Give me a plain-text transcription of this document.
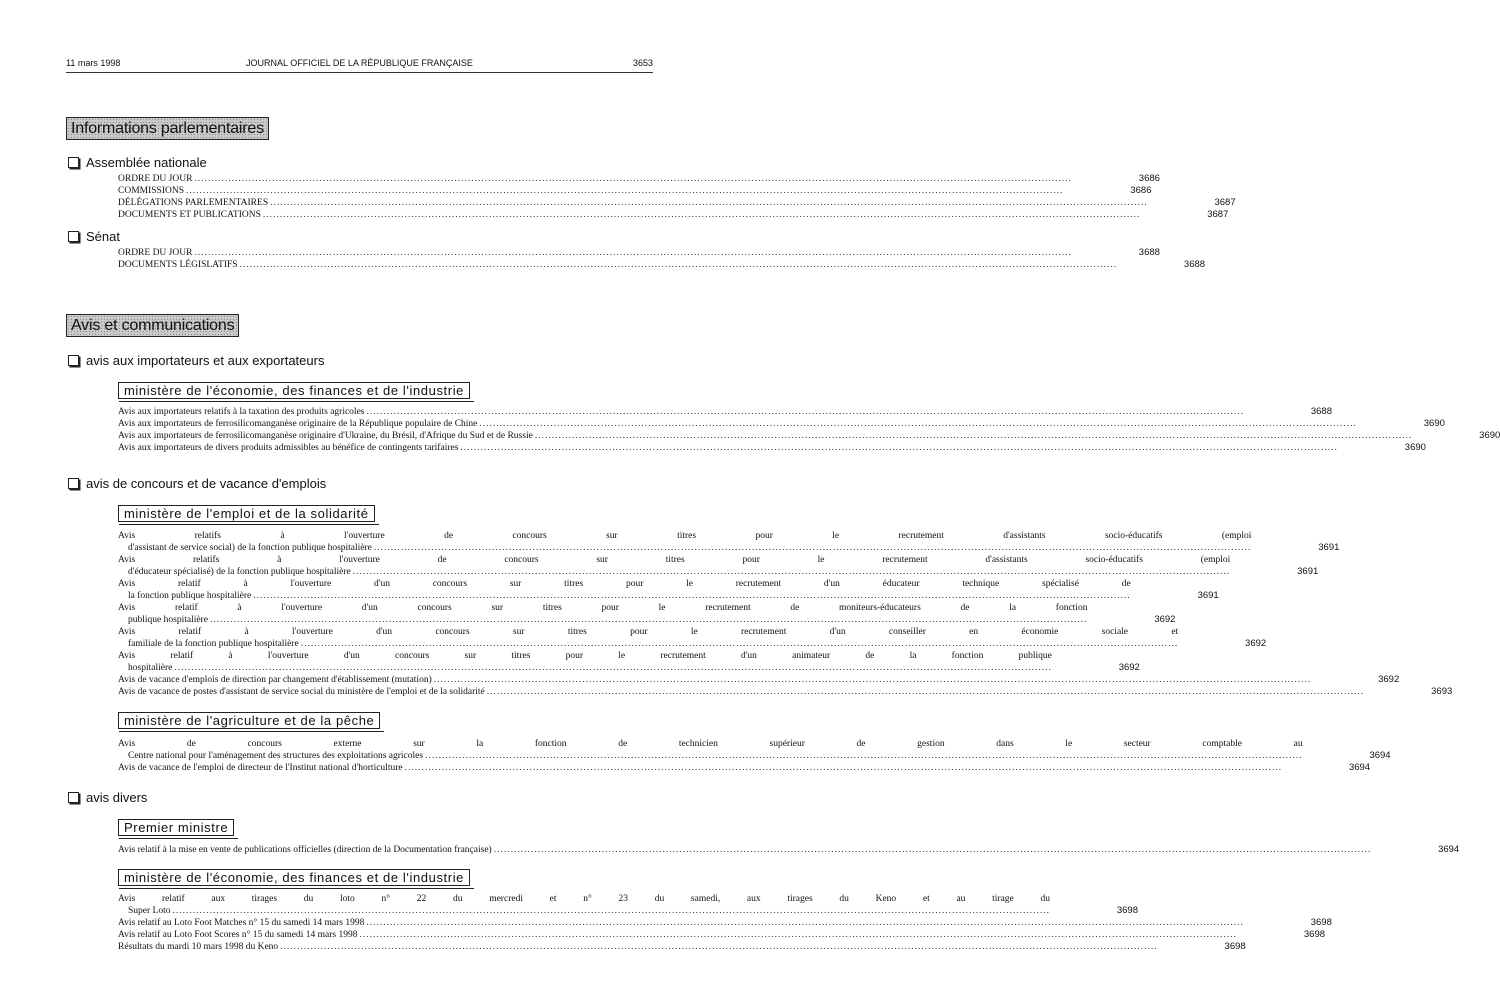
11 mars 1998	JOURNAL OFFICIEL DE LA RÉPUBLIQUE FRANÇAISE	3653
Informations parlementaires
Assemblée nationale
ORDRE DU JOUR ....................................................................................................................................................................................................................................................................	3686
COMMISSIONS ....................................................................................................................................................................................................................................................................	3686
DÉLÉGATIONS PARLEMENTAIRES ....................................................................................................................................................................................................................................................................	3687
DOCUMENTS ET PUBLICATIONS ....................................................................................................................................................................................................................................................................	3687
Sénat
ORDRE DU JOUR ....................................................................................................................................................................................................................................................................	3688
DOCUMENTS LÉGISLATIFS ....................................................................................................................................................................................................................................................................	3688
Avis et communications
avis aux importateurs et aux exportateurs
ministère de l'économie, des finances et de l'industrie
Avis aux importateurs relatifs à la taxation des produits agricoles ....................................................................................................................................................................................................................................................................	3688
Avis aux importateurs de ferrosilicomanganèse originaire de la République populaire de Chine ....................................................................................................................................................................................................................................................................	3690
Avis aux importateurs de ferrosilicomanganèse originaire d'Ukraine, du Brésil, d'Afrique du Sud et de Russie ....................................................................................................................................................................................................................................................................	3690
Avis aux importateurs de divers produits admissibles au bénéfice de contingents tarifaires ....................................................................................................................................................................................................................................................................	3690
avis de concours et de vacance d'emplois
ministère de l'emploi et de la solidarité
Avis relatifs à l'ouverture de concours sur titres pour le recrutement d'assistants socio-éducatifs (emploi
d'assistant de service social) de la fonction publique hospitalière ....................................................................................................................................................................................................................................................................	3691
Avis relatifs à l'ouverture de concours sur titres pour le recrutement d'assistants socio-éducatifs (emploi
d'éducateur spécialisé) de la fonction publique hospitalière ....................................................................................................................................................................................................................................................................	3691
Avis relatif à l'ouverture d'un concours sur titres pour le recrutement d'un éducateur technique spécialisé de
la fonction publique hospitalière ....................................................................................................................................................................................................................................................................	3691
Avis relatif à l'ouverture d'un concours sur titres pour le recrutement de moniteurs-éducateurs de la fonction
publique hospitalière ....................................................................................................................................................................................................................................................................	3692
Avis relatif à l'ouverture d'un concours sur titres pour le recrutement d'un conseiller en économie sociale et
familiale de la fonction publique hospitalière ....................................................................................................................................................................................................................................................................	3692
Avis relatif à l'ouverture d'un concours sur titres pour le recrutement d'un animateur de la fonction publique
hospitalière ....................................................................................................................................................................................................................................................................	3692
Avis de vacance d'emplois de direction par changement d'établissement (mutation) ....................................................................................................................................................................................................................................................................	3692
Avis de vacance de postes d'assistant de service social du ministère de l'emploi et de la solidarité ....................................................................................................................................................................................................................................................................	3693
ministère de l'agriculture et de la pêche
Avis de concours externe sur la fonction de technicien supérieur de gestion dans le secteur comptable au
Centre national pour l'aménagement des structures des exploitations agricoles ....................................................................................................................................................................................................................................................................	3694
Avis de vacance de l'emploi de directeur de l'Institut national d'horticulture ....................................................................................................................................................................................................................................................................	3694
avis divers
Premier ministre
Avis relatif à la mise en vente de publications officielles (direction de la Documentation française) ....................................................................................................................................................................................................................................................................	3694
ministère de l'économie, des finances et de l'industrie
Avis relatif aux tirages du loto n° 22 du mercredi et n° 23 du samedi, aux tirages du Keno et au tirage du
Super Loto ....................................................................................................................................................................................................................................................................	3698
Avis relatif au Loto Foot Matches n° 15 du samedi 14 mars 1998 ....................................................................................................................................................................................................................................................................	3698
Avis relatif au Loto Foot Scores n° 15 du samedi 14 mars 1998 ....................................................................................................................................................................................................................................................................	3698
Résultats du mardi 10 mars 1998 du Keno ....................................................................................................................................................................................................................................................................	3698
